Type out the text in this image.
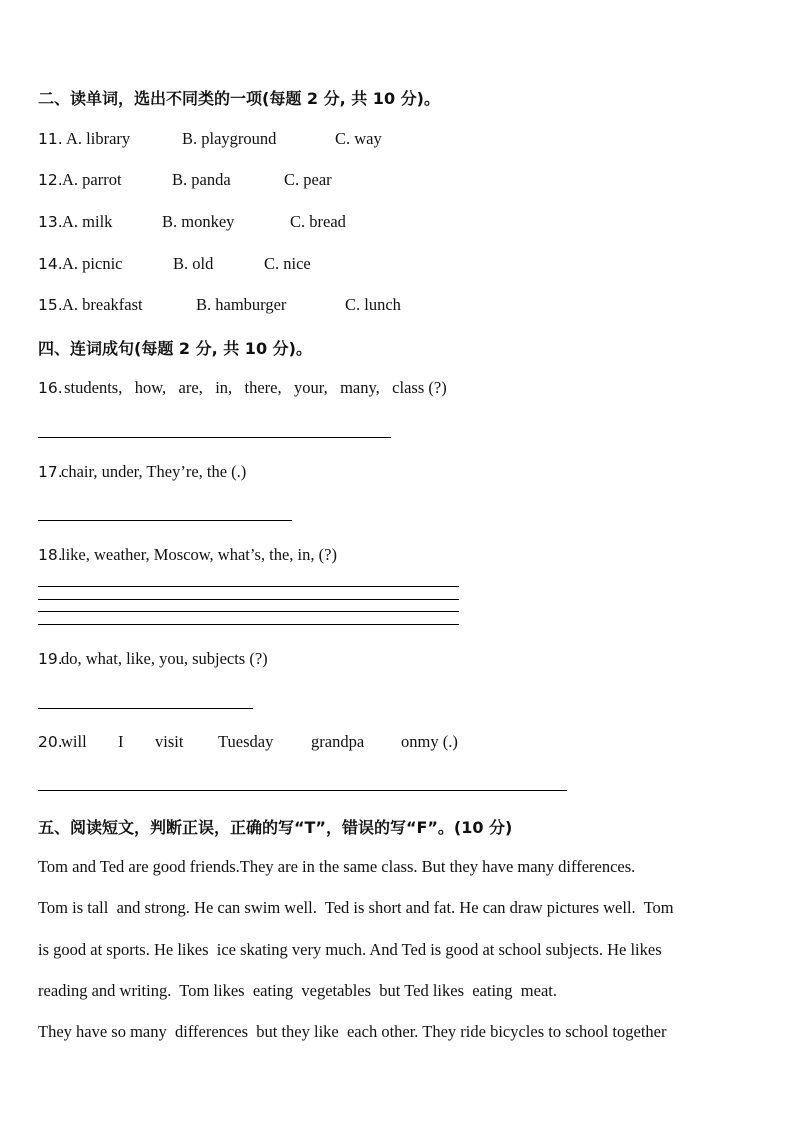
二、读单词，选出不同类的一项(每题 2 分, 共 10 分)。
11. A. library	B. playground	C. way
12. A. parrot	B. panda	C. pear
13. A. milk	B. monkey	C. bread
14. A. picnic	B. old	C. nice
15. A. breakfast	B. hamburger	C. lunch
四、连词成句(每题 2 分, 共 10 分)。
16.
students,   how,   are,   in,   there,   your,   many,   class (?)
17.
chair, under, They’re, the (.)
18.
like, weather, Moscow, what’s, the, in, (?)
19.
do, what, like, you, subjects (?)
20.
will I visit Tuesday grandpa onmy (.)
五、阅读短文，判断正误，正确的写“T”，错误的写“F”。(10 分)
Tom and Ted are good friends.They are in the same class. But they have many differences.
Tom is tall  and strong. He can swim well.  Ted is short and fat. He can draw pictures well.  Tom
is good at sports. He likes  ice skating very much. And Ted is good at school subjects. He likes
reading and writing.  Tom likes  eating  vegetables  but Ted likes  eating  meat.
They have so many  differences  but they like  each other. They ride bicycles to school together
